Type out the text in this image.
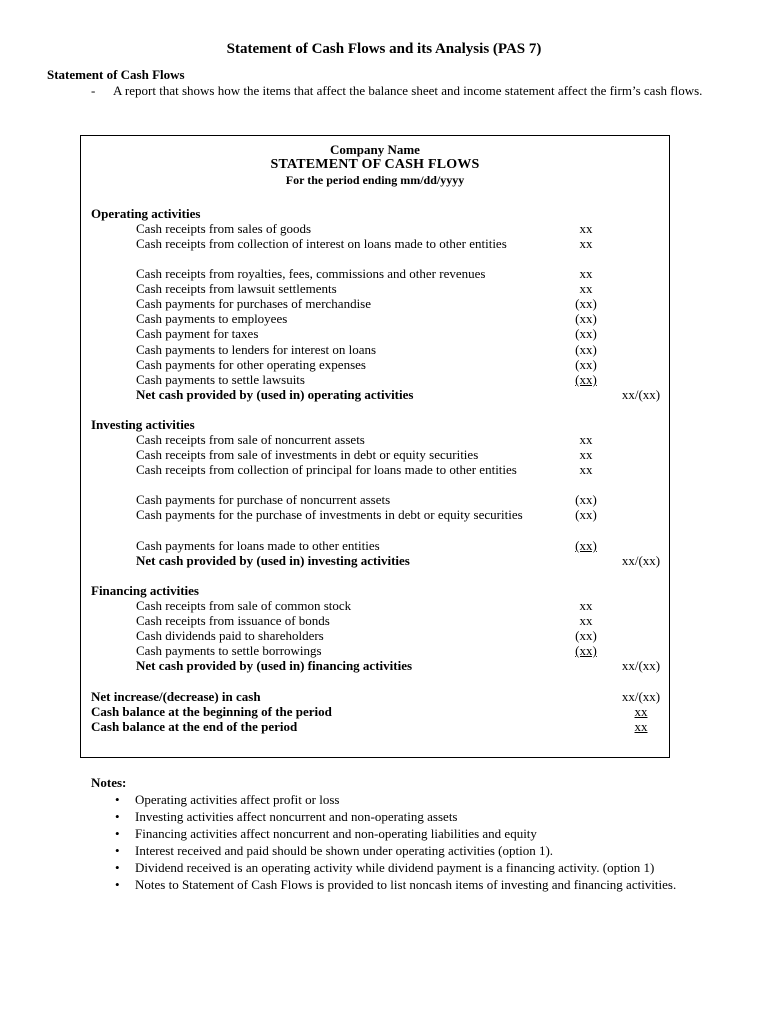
Statement of Cash Flows and its Analysis (PAS 7)
Statement of Cash Flows
- A report that shows how the items that affect the balance sheet and income statement affect the firm’s cash flows.
Company Name
STATEMENT OF CASH FLOWS
For the period ending mm/dd/yyyy
Operating activities
Cash receipts from sales of goods	xx
Cash receipts from collection of interest on loans made to other entities	xx
Cash receipts from royalties, fees, commissions and other revenues	xx
Cash receipts from lawsuit settlements	xx
Cash payments for purchases of merchandise	(xx)
Cash payments to employees	(xx)
Cash payment for taxes	(xx)
Cash payments to lenders for interest on loans	(xx)
Cash payments for other operating expenses	(xx)
Cash payments to settle lawsuits	(xx)
Net cash provided by (used in) operating activities	xx/(xx)
Investing activities
Cash receipts from sale of noncurrent assets	xx
Cash receipts from sale of investments in debt or equity securities	xx
Cash receipts from collection of principal for loans made to other entities	xx
Cash payments for purchase of noncurrent assets	(xx)
Cash payments for the purchase of investments in debt or equity securities	(xx)
Cash payments for loans made to other entities	(xx)
Net cash provided by (used in) investing activities	xx/(xx)
Financing activities
Cash receipts from sale of common stock	xx
Cash receipts from issuance of bonds	xx
Cash dividends paid to shareholders	(xx)
Cash payments to settle borrowings	(xx)
Net cash provided by (used in) financing activities	xx/(xx)
Net increase/(decrease) in cash	xx/(xx)
Cash balance at the beginning of the period	xx
Cash balance at the end of the period	xx
Notes:
• Operating activities affect profit or loss
• Investing activities affect noncurrent and non-operating assets
• Financing activities affect noncurrent and non-operating liabilities and equity
• Interest received and paid should be shown under operating activities (option 1).
• Dividend received is an operating activity while dividend payment is a financing activity. (option 1)
• Notes to Statement of Cash Flows is provided to list noncash items of investing and financing activities.
